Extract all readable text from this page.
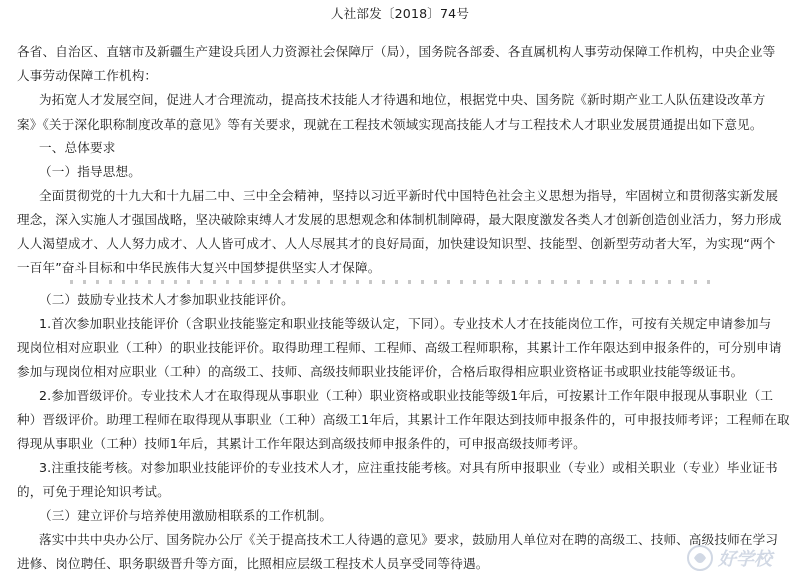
人社部发〔2018〕74号
各省、自治区、直辖市及新疆生产建设兵团人力资源社会保障厅（局），国务院各部委、各直属机构人事劳动保障工作机构，中央企业等
人事劳动保障工作机构：
为拓宽人才发展空间，促进人才合理流动，提高技术技能人才待遇和地位，根据党中央、国务院《新时期产业工人队伍建设改革方
案》《关于深化职称制度改革的意见》等有关要求，现就在工程技术领域实现高技能人才与工程技术人才职业发展贯通提出如下意见。
一、总体要求
（一）指导思想。
全面贯彻党的十九大和十九届二中、三中全会精神，坚持以习近平新时代中国特色社会主义思想为指导，牢固树立和贯彻落实新发展
理念，深入实施人才强国战略，坚决破除束缚人才发展的思想观念和体制机制障碍，最大限度激发各类人才创新创造创业活力，努力形成
人人渴望成才、人人努力成才、人人皆可成才、人人尽展其才的良好局面，加快建设知识型、技能型、创新型劳动者大军，为实现“两个
一百年”奋斗目标和中华民族伟大复兴中国梦提供坚实人才保障。
（二）鼓励专业技术人才参加职业技能评价。
1.首次参加职业技能评价（含职业技能鉴定和职业技能等级认定，下同）。专业技术人才在技能岗位工作，可按有关规定申请参加与
现岗位相对应职业（工种）的职业技能评价。取得助理工程师、工程师、高级工程师职称，其累计工作年限达到申报条件的，可分别申请
参加与现岗位相对应职业（工种）的高级工、技师、高级技师职业技能评价，合格后取得相应职业资格证书或职业技能等级证书。
2.参加晋级评价。专业技术人才在取得现从事职业（工种）职业资格或职业技能等级1年后，可按累计工作年限申报现从事职业（工
种）晋级评价。助理工程师在取得现从事职业（工种）高级工1年后，其累计工作年限达到技师申报条件的，可申报技师考评；工程师在取
得现从事职业（工种）技师1年后，其累计工作年限达到高级技师申报条件的，可申报高级技师考评。
3.注重技能考核。对参加职业技能评价的专业技术人才，应注重技能考核。对具有所申报职业（专业）或相关职业（专业）毕业证书
的，可免于理论知识考试。
（三）建立评价与培养使用激励相联系的工作机制。
落实中共中央办公厅、国务院办公厅《关于提高技术工人待遇的意见》要求，鼓励用人单位对在聘的高级工、技师、高级技师在学习
进修、岗位聘任、职务职级晋升等方面，比照相应层级工程技术人员享受同等待遇。	好学校
